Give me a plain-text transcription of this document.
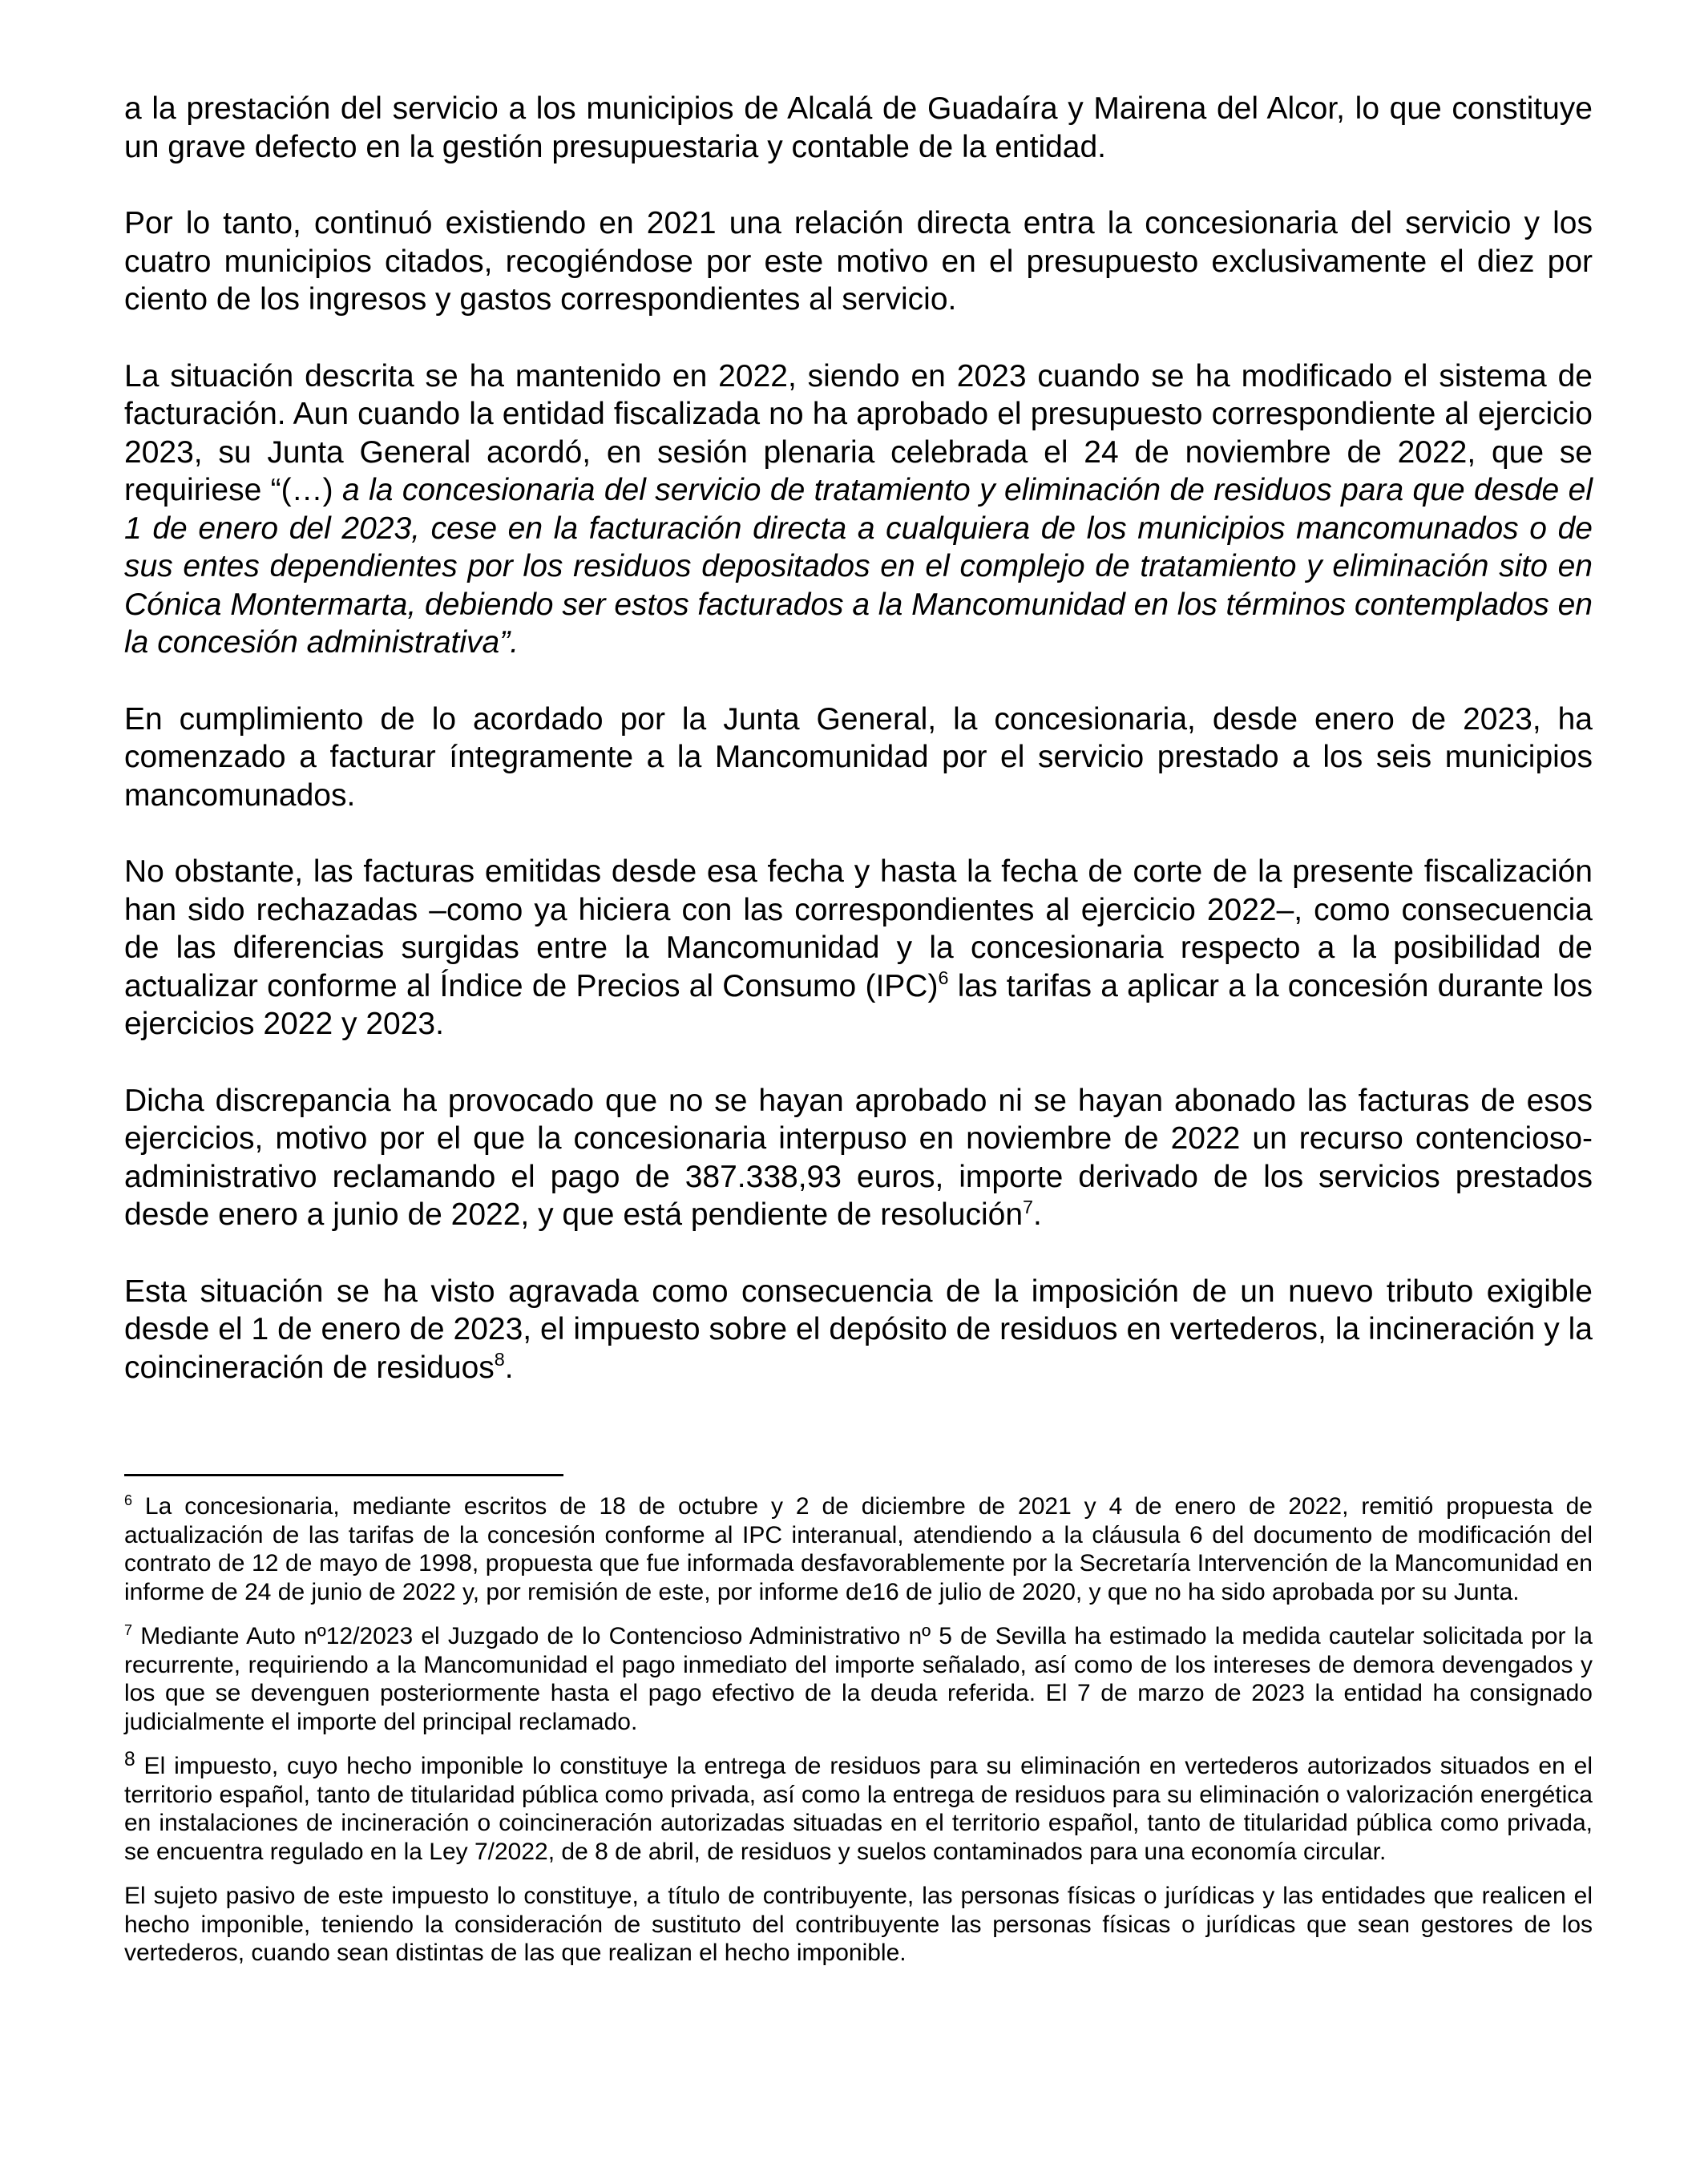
a la prestación del servicio a los municipios de Alcalá de Guadaíra y Mairena del Alcor, lo que constituye un grave defecto en la gestión presupuestaria y contable de la entidad.

Por lo tanto, continuó existiendo en 2021 una relación directa entra la concesionaria del servicio y los cuatro municipios citados, recogiéndose por este motivo en el presupuesto exclusivamente el diez por ciento de los ingresos y gastos correspondientes al servicio.

La situación descrita se ha mantenido en 2022, siendo en 2023 cuando se ha modificado el sistema de facturación. Aun cuando la entidad fiscalizada no ha aprobado el presupuesto correspondiente al ejercicio 2023, su Junta General acordó, en sesión plenaria celebrada el 24 de noviembre de 2022, que se requiriese “(…) a la concesionaria del servicio de tratamiento y eliminación de residuos para que desde el 1 de enero del 2023, cese en la facturación directa a cualquiera de los municipios mancomunados o de sus entes dependientes por los residuos depositados en el complejo de tratamiento y eliminación sito en Cónica Montermarta, debiendo ser estos facturados a la Mancomunidad en los términos contemplados en la concesión administrativa”.

En cumplimiento de lo acordado por la Junta General, la concesionaria, desde enero de 2023, ha comenzado a facturar íntegramente a la Mancomunidad por el servicio prestado a los seis municipios mancomunados.

No obstante, las facturas emitidas desde esa fecha y hasta la fecha de corte de la presente fiscalización han sido rechazadas –como ya hiciera con las correspondientes al ejercicio 2022–, como consecuencia de las diferencias surgidas entre la Mancomunidad y la concesionaria respecto a la posibilidad de actualizar conforme al Índice de Precios al Consumo (IPC)$^6$ las tarifas a aplicar a la concesión durante los ejercicios 2022 y 2023.

Dicha discrepancia ha provocado que no se hayan aprobado ni se hayan abonado las facturas de esos ejercicios, motivo por el que la concesionaria interpuso en noviembre de 2022 un recurso contencioso-administrativo reclamando el pago de 387.338,93 euros, importe derivado de los servicios prestados desde enero a junio de 2022, y que está pendiente de resolución$^7$.

Esta situación se ha visto agravada como consecuencia de la imposición de un nuevo tributo exigible desde el 1 de enero de 2023, el impuesto sobre el depósito de residuos en vertederos, la incineración y la coincineración de residuos$^8$.

$^6$ La concesionaria, mediante escritos de 18 de octubre y 2 de diciembre de 2021 y 4 de enero de 2022, remitió propuesta de actualización de las tarifas de la concesión conforme al IPC interanual, atendiendo a la cláusula 6 del documento de modificación del contrato de 12 de mayo de 1998, propuesta que fue informada desfavorablemente por la Secretaría Intervención de la Mancomunidad en informe de 24 de junio de 2022 y, por remisión de este, por informe de16 de julio de 2020, y que no ha sido aprobada por su Junta.

$^7$ Mediante Auto nº12/2023 el Juzgado de lo Contencioso Administrativo nº 5 de Sevilla ha estimado la medida cautelar solicitada por la recurrente, requiriendo a la Mancomunidad el pago inmediato del importe señalado, así como de los intereses de demora devengados y los que se devenguen posteriormente hasta el pago efectivo de la deuda referida. El 7 de marzo de 2023 la entidad ha consignado judicialmente el importe del principal reclamado.

$^8$ El impuesto, cuyo hecho imponible lo constituye la entrega de residuos para su eliminación en vertederos autorizados situados en el territorio español, tanto de titularidad pública como privada, así como la entrega de residuos para su eliminación o valorización energética en instalaciones de incineración o coincineración autorizadas situadas en el territorio español, tanto de titularidad pública como privada, se encuentra regulado en la Ley 7/2022, de 8 de abril, de residuos y suelos contaminados para una economía circular.

El sujeto pasivo de este impuesto lo constituye, a título de contribuyente, las personas físicas o jurídicas y las entidades que realicen el hecho imponible, teniendo la consideración de sustituto del contribuyente las personas físicas o jurídicas que sean gestores de los vertederos, cuando sean distintas de las que realizan el hecho imponible.
